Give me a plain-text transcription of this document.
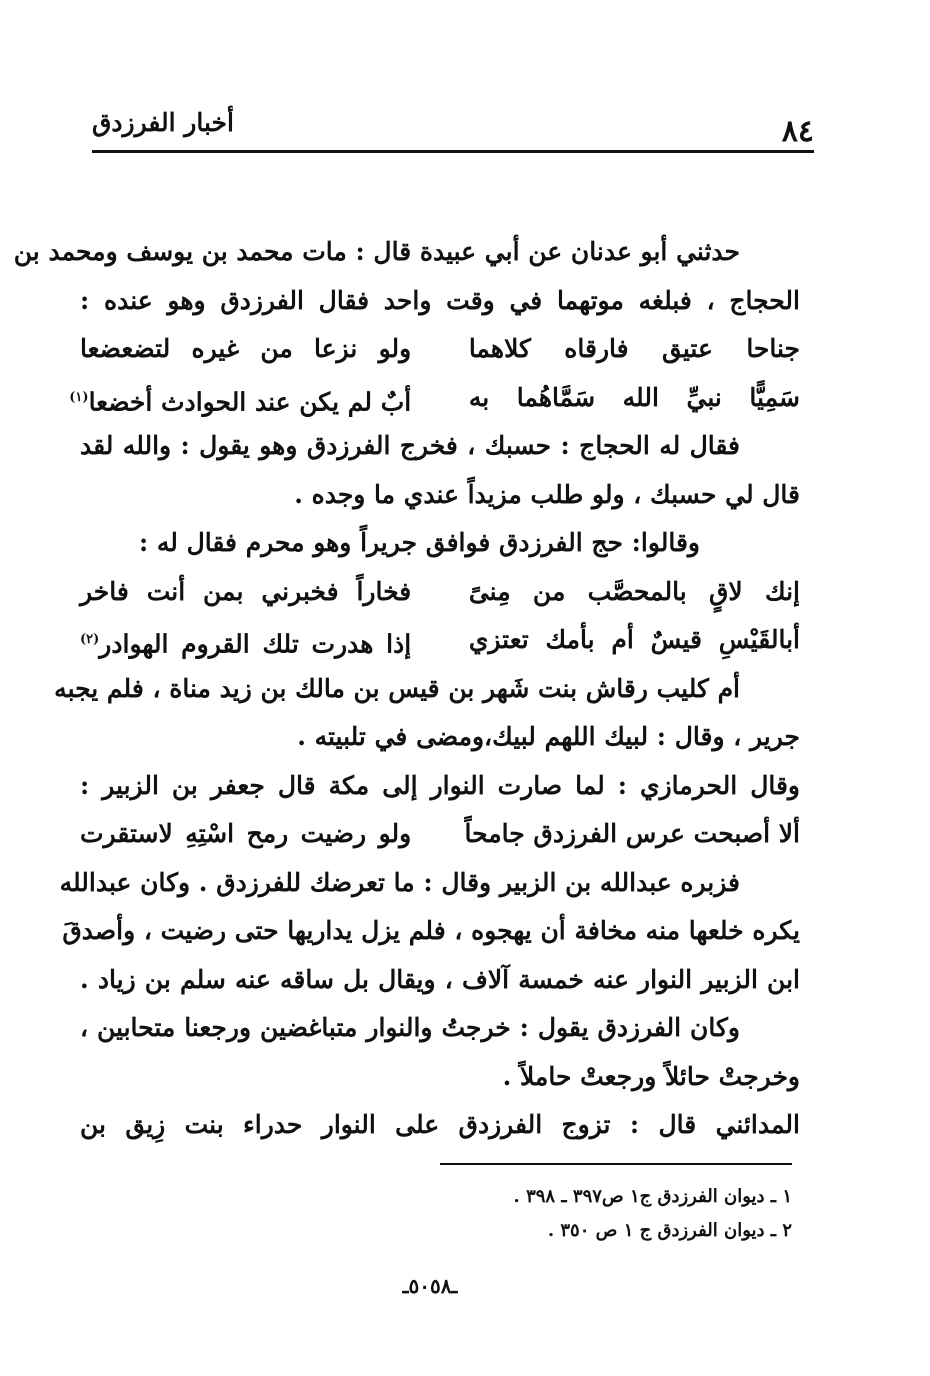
٨٤
أخبار الفرزدق
حدثني أبو عدنان عن أبي عبيدة قال : مات محمد بن يوسف ومحمد بن
الحجاج ، فبلغه موتهما في وقت واحد فقال الفرزدق وهو عنده :
جناحا عتيق فارقاه كلاهما
ولو نزعا من غيره لتضعضعا
سَمِيًّا نبيِّ الله سَمَّاهُما به
أبٌ لم يكن عند الحوادث أخضعا$^{(١)}$
فقال له الحجاج : حسبك ، فخرج الفرزدق وهو يقول : والله لقد
قال لي حسبك ، ولو طلب مزيداً عندي ما وجده .
وقالوا: حج الفرزدق فوافق جريراً وهو محرم فقال له :
إنك لاقٍ بالمحصَّب من مِنىً
فخاراً فخبرني بمن أنت فاخر
أبالقَيْسِ قيسٌ أم بأمك تعتزي
إذا هدرت تلك القروم الهوادر$^{(٢)}$
أم كليب رقاش بنت شَهر بن قيس بن مالك بن زيد مناة ، فلم يجبه
جرير ، وقال : لبيك اللهم لبيك،ومضى في تلبيته .
وقال الحرمازي : لما صارت النوار إلى مكة قال جعفر بن الزبير :
ألا أصبحت عرس الفرزدق جامحاً
ولو رضيت رمح اسْتِهِ لاستقرت
فزبره عبدالله بن الزبير وقال : ما تعرضك للفرزدق . وكان عبدالله
يكره خلعها منه مخافة أن يهجوه ، فلم يزل يداريها حتى رضيت ، وأصدقَ
ابن الزبير النوار عنه خمسة آلاف ، ويقال بل ساقه عنه سلم بن زياد .
وكان الفرزدق يقول : خرجتُ والنوار متباغضين ورجعنا متحابين ،
وخرجتْ حائلاً ورجعتْ حاملاً .
المدائني قال : تزوج الفرزدق على النوار حدراء بنت زِيق بن
١ ـ ديوان الفرزدق ج١ ص٣٩٧ ـ ٣٩٨ .
٢ ـ ديوان الفرزدق ج ١ ص ٣٥٠ .
ـ٥٠٥٨ـ
